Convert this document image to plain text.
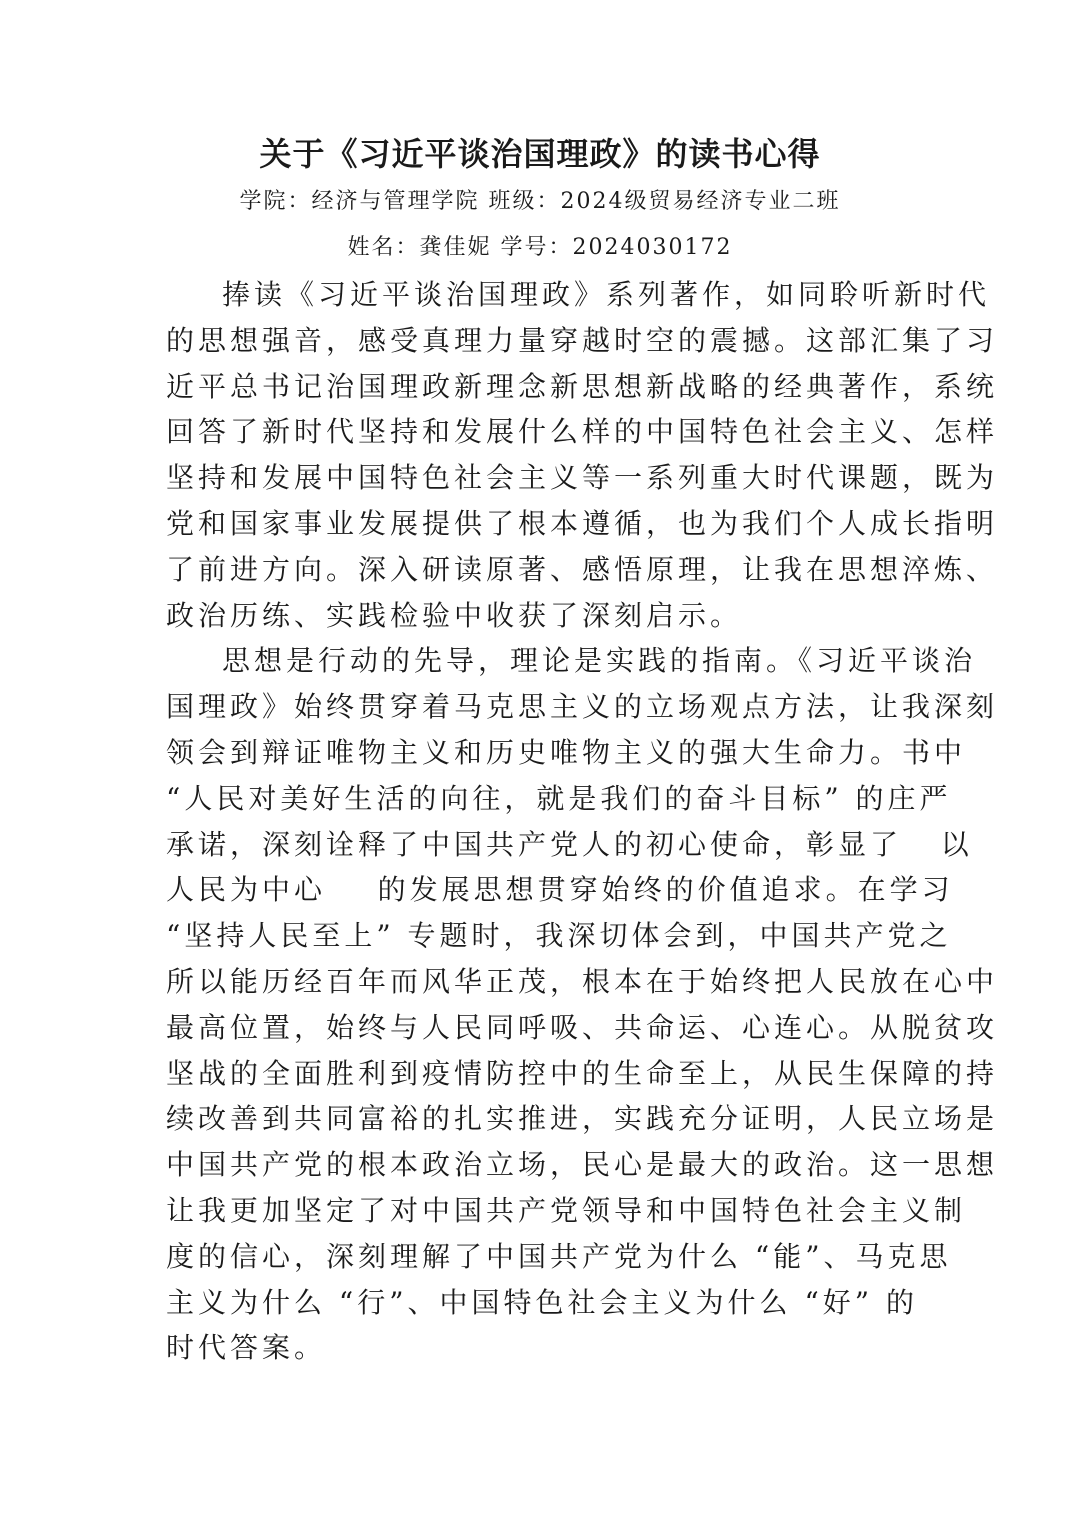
关于《习近平谈治国理政》的读书心得
学院：经济与管理学院 班级：2024级贸易经济专业二班
姓名：龚佳妮 学号：2024030172

捧读《习近平谈治国理政》系列著作，如同聆听新时代
的思想强音，感受真理力量穿越时空的震撼。这部汇集了习
近平总书记治国理政新理念新思想新战略的经典著作，系统
回答了新时代坚持和发展什么样的中国特色社会主义、怎样
坚持和发展中国特色社会主义等一系列重大时代课题，既为
党和国家事业发展提供了根本遵循，也为我们个人成长指明
了前进方向。深入研读原著、感悟原理，让我在思想淬炼、
政治历练、实践检验中收获了深刻启示。

思想是行动的先导，理论是实践的指南。《习近平谈治
国理政》始终贯穿着马克思主义的立场观点方法，让我深刻
领会到辩证唯物主义和历史唯物主义的强大生命力。书中
“人民对美好生活的向往，就是我们的奋斗目标” 的庄严
承诺，深刻诠释了中国共产党人的初心使命，彰显了   以
人民为中心    的发展思想贯穿始终的价值追求。在学习
“坚持人民至上” 专题时，我深切体会到，中国共产党之
所以能历经百年而风华正茂，根本在于始终把人民放在心中
最高位置，始终与人民同呼吸、共命运、心连心。从脱贫攻
坚战的全面胜利到疫情防控中的生命至上，从民生保障的持
续改善到共同富裕的扎实推进，实践充分证明，人民立场是
中国共产党的根本政治立场，民心是最大的政治。这一思想
让我更加坚定了对中国共产党领导和中国特色社会主义制
度的信心，深刻理解了中国共产党为什么 “能”、马克思
主义为什么 “行”、中国特色社会主义为什么 “好” 的
时代答案。
